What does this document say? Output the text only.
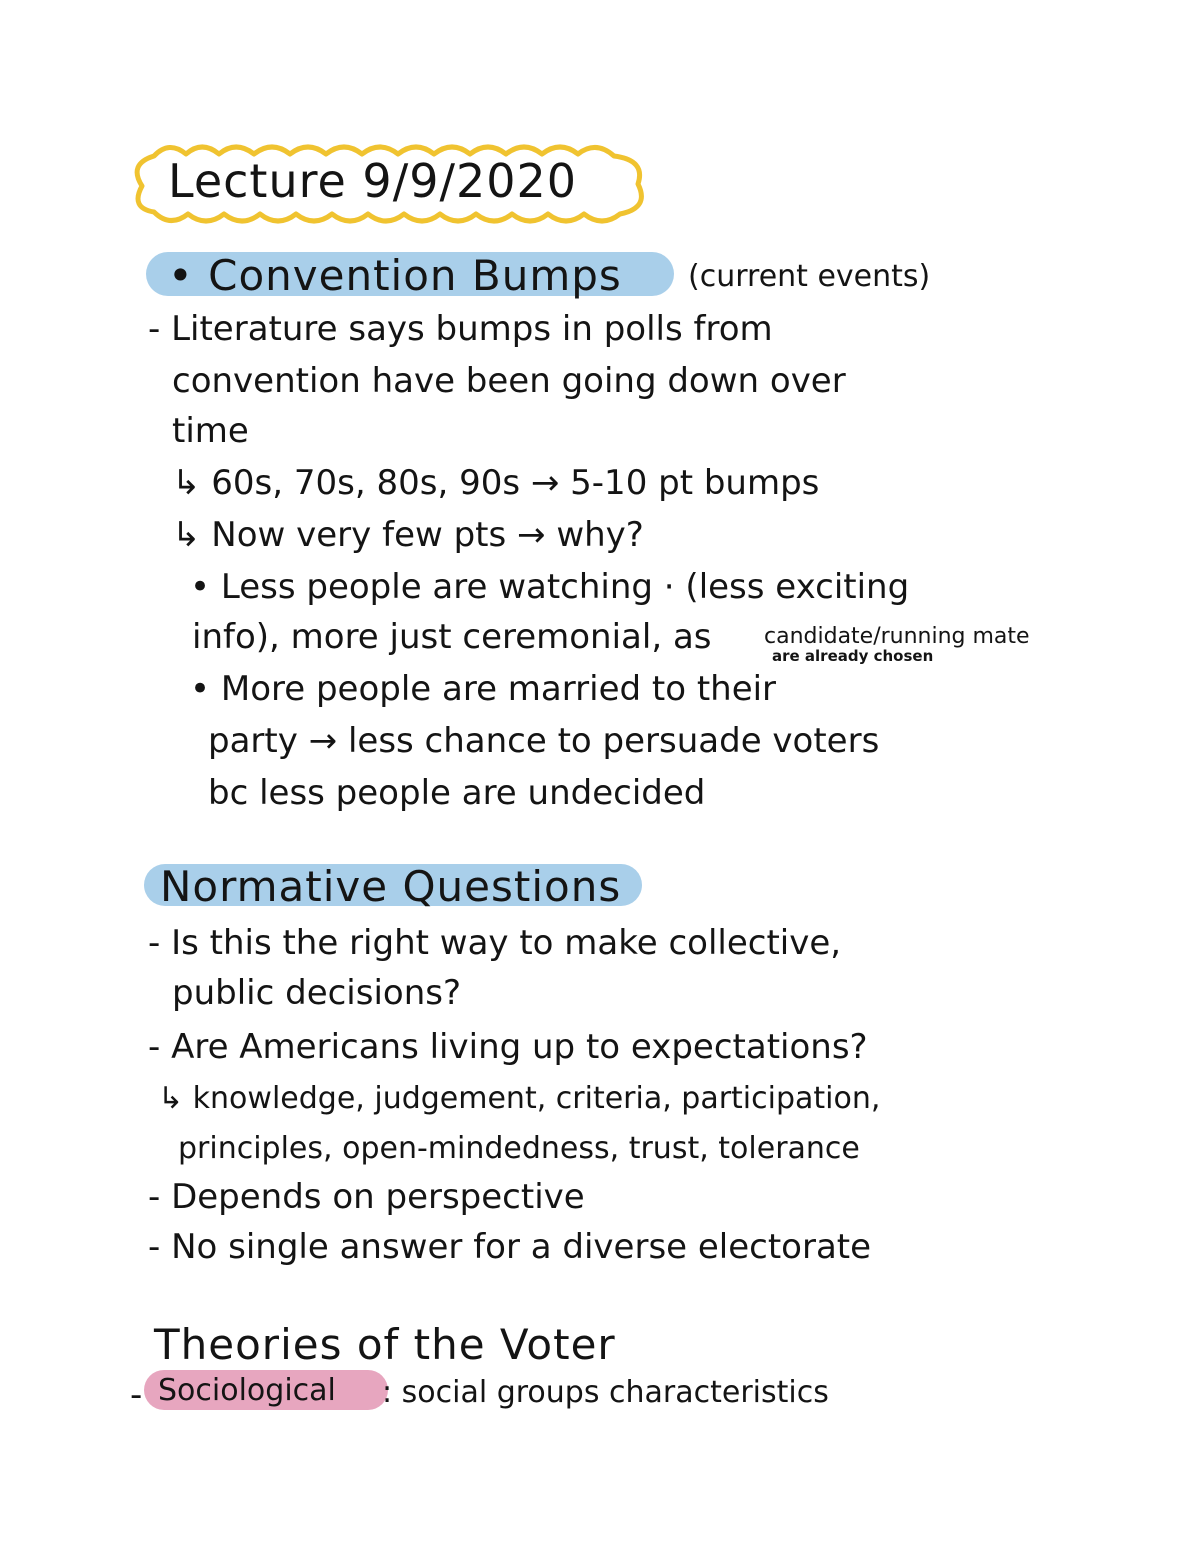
Lecture 9/9/2020
• Convention Bumps (current events)
- Literature says bumps in polls from
convention have been going down over
time
↳ 60s, 70s, 80s, 90s → 5-10 pt bumps
↳ Now very few pts → why?
• Less people are watching · (less exciting
info), more just ceremonial, as candidate/running mate
are already chosen
• More people are married to their
party → less chance to persuade voters
bc less people are undecided
Normative Questions
- Is this the right way to make collective,
public decisions?
- Are Americans living up to expectations?
↳ knowledge, judgement, criteria, participation,
principles, open-mindedness, trust, tolerance
- Depends on perspective
- No single answer for a diverse electorate
Theories of the Voter
- Sociological : social groups characteristics
